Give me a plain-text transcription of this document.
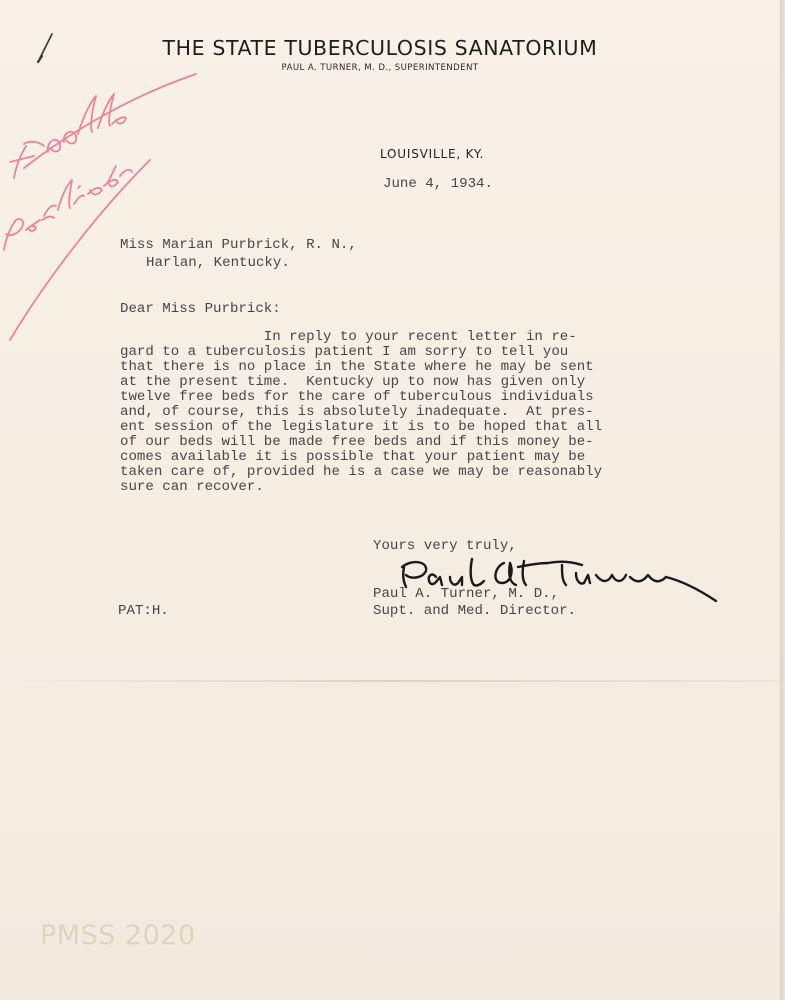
THE STATE TUBERCULOSIS SANATORIUM
PAUL A. TURNER, M. D., SUPERINTENDENT
LOUISVILLE, KY.
June 4, 1934.
Miss Marian Purbrick, R. N.,
Harlan, Kentucky.
Dear Miss Purbrick:
In reply to your recent letter in re-
gard to a tuberculosis patient I am sorry to tell you
that there is no place in the State where he may be sent
at the present time.  Kentucky up to now has given only
twelve free beds for the care of tuberculous individuals
and, of course, this is absolutely inadequate.  At pres-
ent session of the legislature it is to be hoped that all
of our beds will be made free beds and if this money be-
comes available it is possible that your patient may be
taken care of, provided he is a case we may be reasonably
sure can recover.
Yours very truly,
Paul A. Turner, M. D.,
Supt. and Med. Director.
PAT:H.
PMSS 2020
